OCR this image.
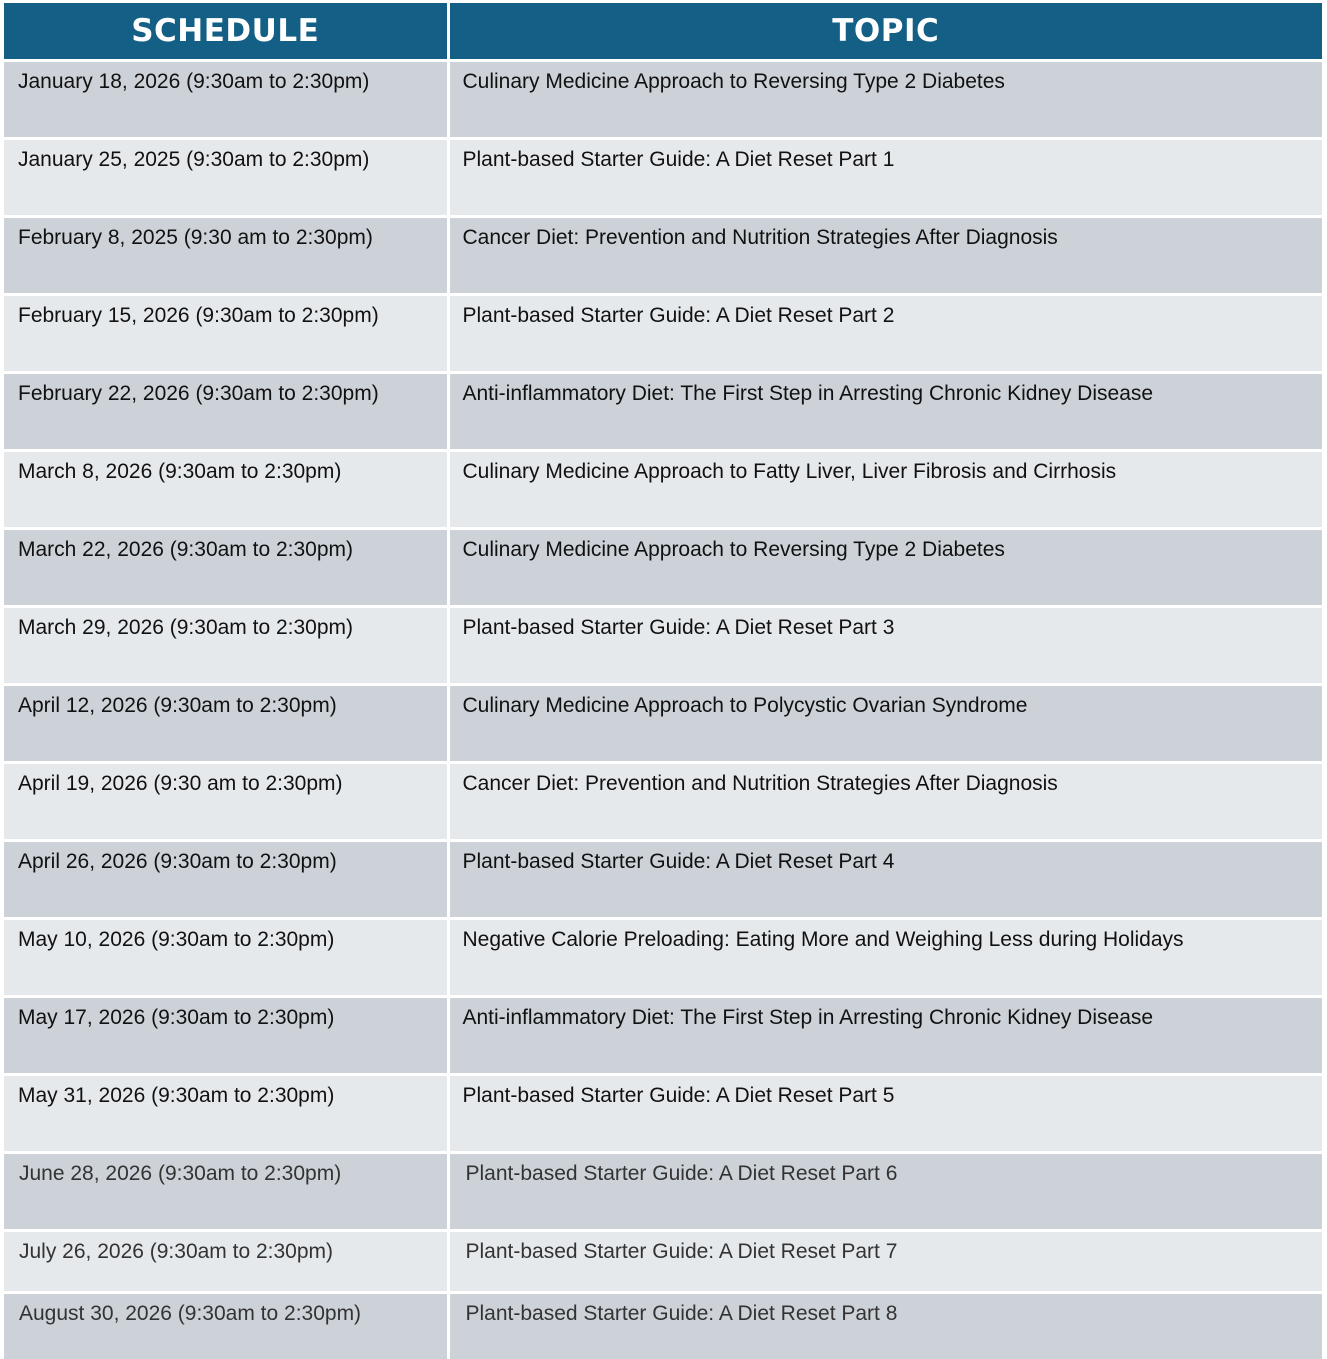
SCHEDULE	TOPIC
January 18, 2026 (9:30am to 2:30pm)	Culinary Medicine Approach to Reversing Type 2 Diabetes
January 25, 2025 (9:30am to 2:30pm)	Plant-based Starter Guide: A Diet Reset Part 1
February 8, 2025 (9:30 am to 2:30pm)	Cancer Diet: Prevention and Nutrition Strategies After Diagnosis
February 15, 2026 (9:30am to 2:30pm)	Plant-based Starter Guide: A Diet Reset Part 2
February 22, 2026 (9:30am to 2:30pm)	Anti-inflammatory Diet: The First Step in Arresting Chronic Kidney Disease
March 8, 2026 (9:30am to 2:30pm)	Culinary Medicine Approach to Fatty Liver, Liver Fibrosis and Cirrhosis
March 22, 2026 (9:30am to 2:30pm)	Culinary Medicine Approach to Reversing Type 2 Diabetes
March 29, 2026 (9:30am to 2:30pm)	Plant-based Starter Guide: A Diet Reset Part 3
April 12, 2026 (9:30am to 2:30pm)	Culinary Medicine Approach to Polycystic Ovarian Syndrome
April 19, 2026 (9:30 am to 2:30pm)	Cancer Diet: Prevention and Nutrition Strategies After Diagnosis
April 26, 2026 (9:30am to 2:30pm)	Plant-based Starter Guide: A Diet Reset Part 4
May 10, 2026 (9:30am to 2:30pm)	Negative Calorie Preloading: Eating More and Weighing Less during Holidays
May 17, 2026 (9:30am to 2:30pm)	Anti-inflammatory Diet: The First Step in Arresting Chronic Kidney Disease
May 31, 2026 (9:30am to 2:30pm)	Plant-based Starter Guide: A Diet Reset Part 5
June 28, 2026 (9:30am to 2:30pm)	Plant-based Starter Guide: A Diet Reset Part 6
July 26, 2026 (9:30am to 2:30pm)	Plant-based Starter Guide: A Diet Reset Part 7
August 30, 2026 (9:30am to 2:30pm)	Plant-based Starter Guide: A Diet Reset Part 8
